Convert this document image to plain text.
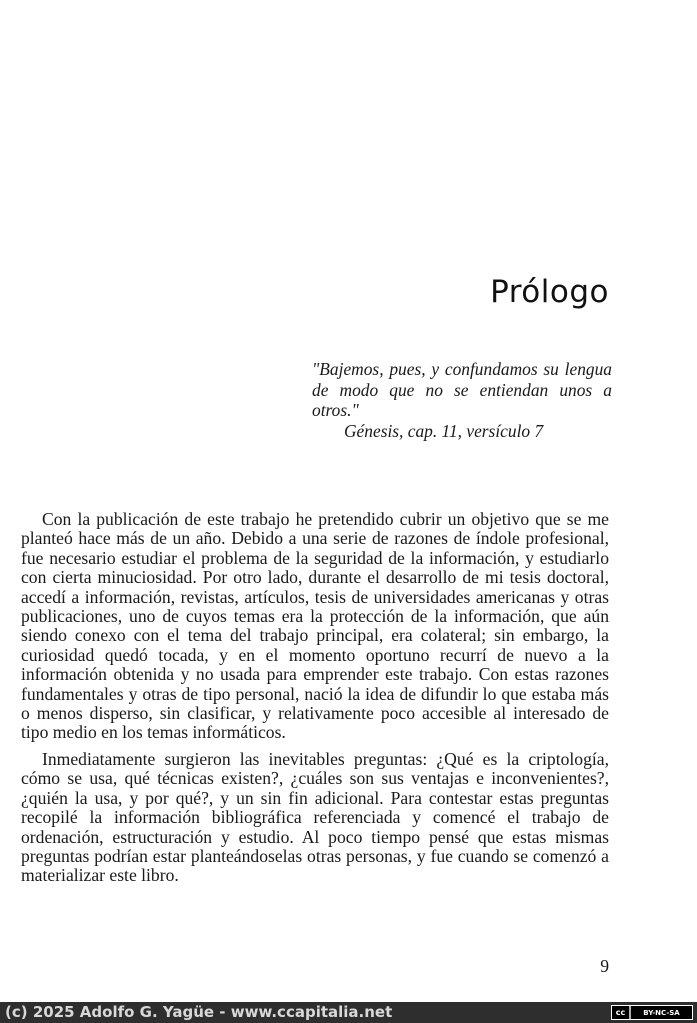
Prólogo
"Bajemos, pues, y confundamos su lengua de modo que no se entiendan unos a otros."
Génesis, cap. 11, versículo 7

Con la publicación de este trabajo he pretendido cubrir un objetivo que se me planteó hace más de un año. Debido a una serie de razones de índole profesional, fue necesario estudiar el problema de la seguridad de la información, y estudiarlo con cierta minuciosidad. Por otro lado, durante el desarrollo de mi tesis doctoral, accedí a información, revistas, artículos, tesis de universidades americanas y otras publicaciones, uno de cuyos temas era la protección de la información, que aún siendo conexo con el tema del trabajo principal, era colateral; sin embargo, la curiosidad quedó tocada, y en el momento oportuno recurrí de nuevo a la información obtenida y no usada para emprender este trabajo. Con estas razones fundamentales y otras de tipo personal, nació la idea de difundir lo que estaba más o menos disperso, sin clasificar, y relativamente poco accesible al interesado de tipo medio en los temas informáticos.

Inmediatamente surgieron las inevitables preguntas: ¿Qué es la criptología, cómo se usa, qué técnicas existen?, ¿cuáles son sus ventajas e inconvenientes?, ¿quién la usa, y por qué?, y un sin fin adicional. Para contestar estas preguntas recopilé la información bibliográfica referenciada y comencé el trabajo de ordenación, estructuración y estudio. Al poco tiempo pensé que estas mismas preguntas podrían estar planteándoselas otras personas, y fue cuando se comenzó a materializar este libro.

9
(c) 2025 Adolfo G. Yagüe - www.ccapitalia.net	cc	BY-NC-SA
